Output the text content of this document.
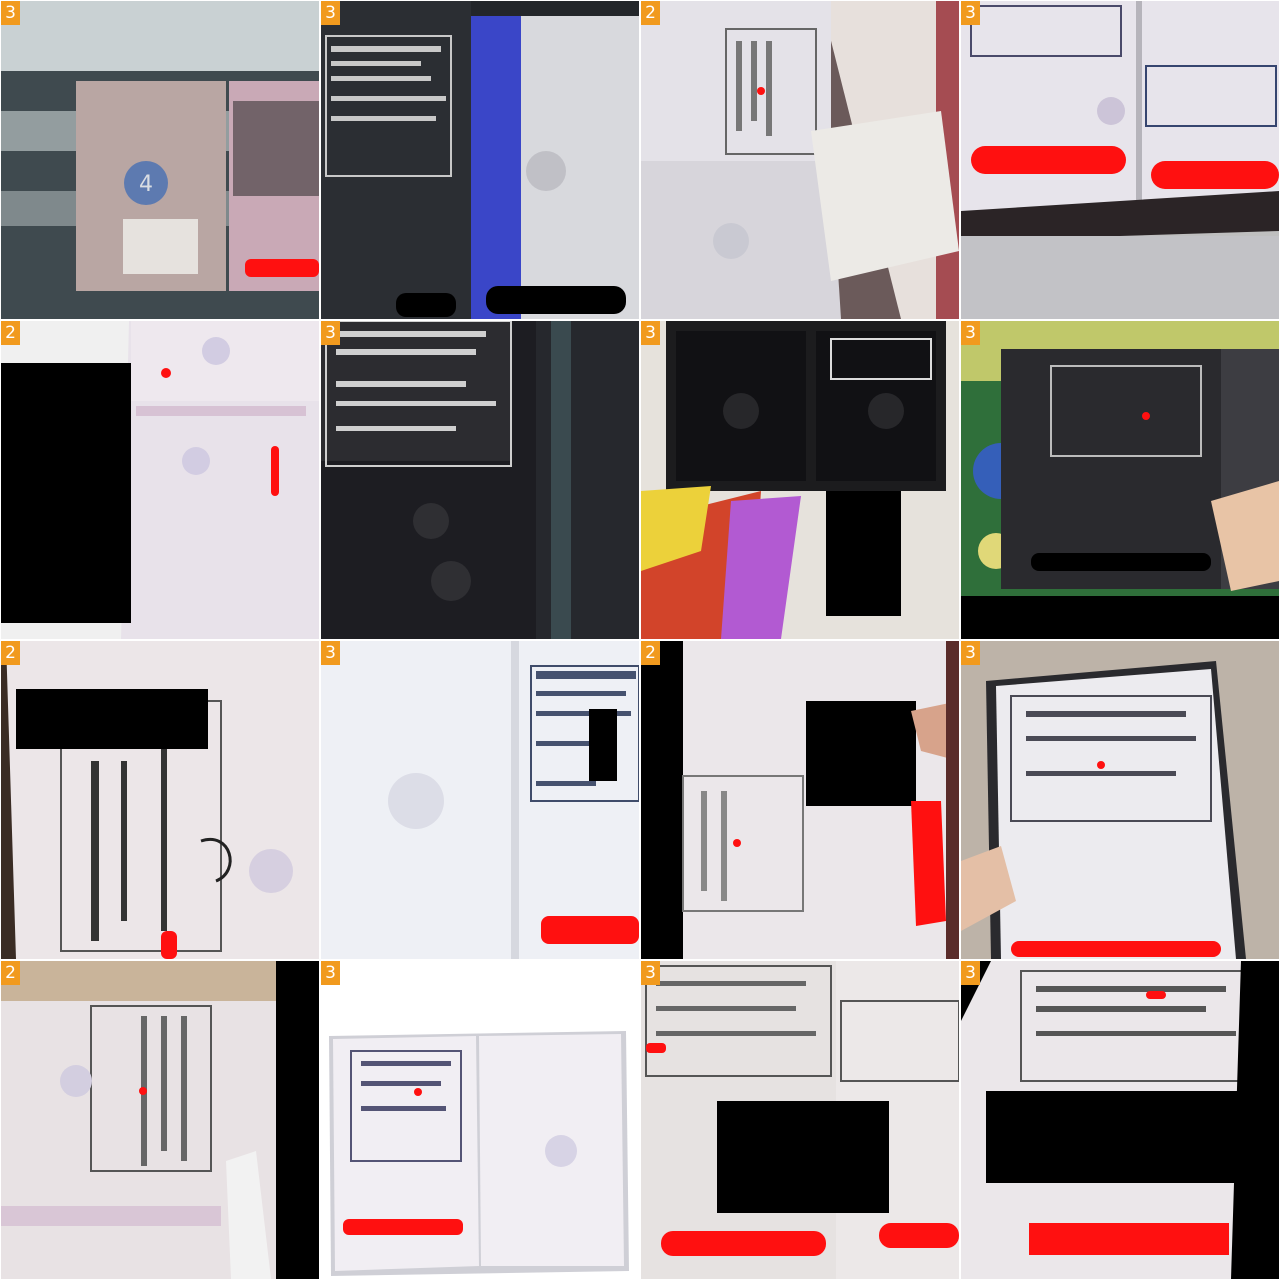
4
3	3	2	3
2	3	3	3
2	3	2	3
2	3	3	3
